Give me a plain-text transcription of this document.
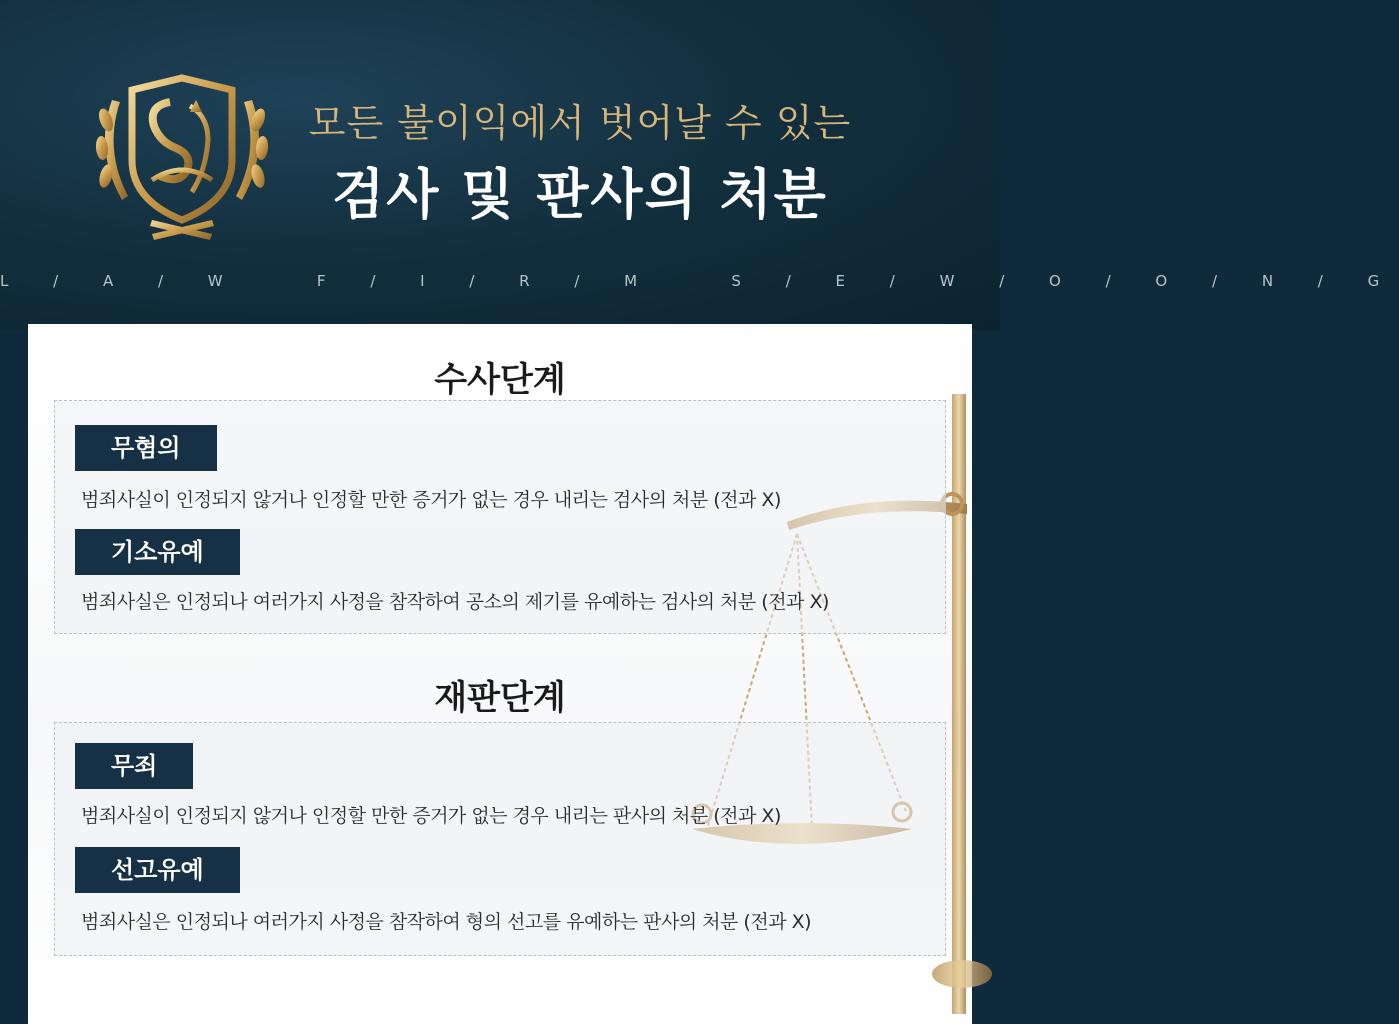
모든 불이익에서 벗어날 수 있는
검사 및 판사의 처분
L / A / W   F / I / R / M   S / E / W / O / O / N / G
수사단계
무혐의
범죄사실이 인정되지 않거나 인정할 만한 증거가 없는 경우 내리는 검사의 처분 (전과 X)
기소유예
범죄사실은 인정되나 여러가지 사정을 참작하여 공소의 제기를 유예하는 검사의 처분 (전과 X)
재판단계
무죄
범죄사실이 인정되지 않거나 인정할 만한 증거가 없는 경우 내리는 판사의 처분 (전과 X)
선고유예
범죄사실은 인정되나 여러가지 사정을 참작하여 형의 선고를 유예하는 판사의 처분 (전과 X)
